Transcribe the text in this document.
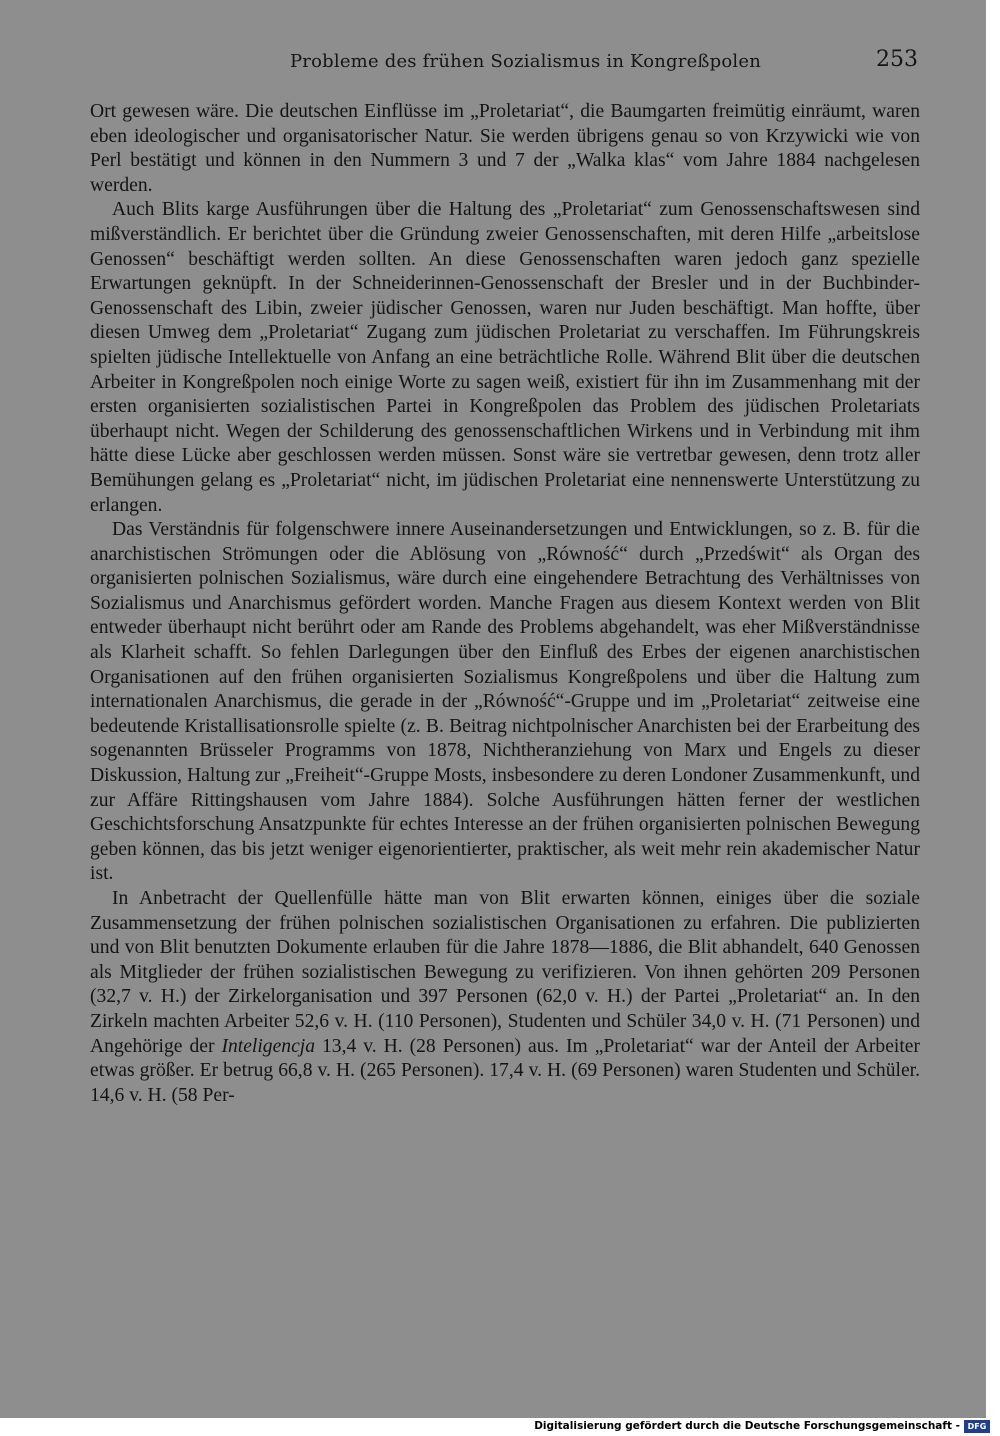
Probleme des frühen Sozialismus in Kongreßpolen	253

Ort gewesen wäre. Die deutschen Einflüsse im „Proletariat“, die Baumgarten freimütig einräumt, waren eben ideologischer und organisatorischer Natur. Sie werden übrigens genau so von Krzywicki wie von Perl bestätigt und können in den Nummern 3 und 7 der „Walka klas“ vom Jahre 1884 nachgelesen werden.

Auch Blits karge Ausführungen über die Haltung des „Proletariat“ zum Genossenschaftswesen sind mißverständlich. Er berichtet über die Gründung zweier Genossenschaften, mit deren Hilfe „arbeitslose Genossen“ beschäftigt werden sollten. An diese Genossenschaften waren jedoch ganz spezielle Erwartungen geknüpft. In der Schneiderinnen-Genossenschaft der Bresler und in der Buchbinder-Genossenschaft des Libin, zweier jüdischer Genossen, waren nur Juden beschäftigt. Man hoffte, über diesen Umweg dem „Proletariat“ Zugang zum jüdischen Proletariat zu verschaffen. Im Führungskreis spielten jüdische Intellektuelle von Anfang an eine beträchtliche Rolle. Während Blit über die deutschen Arbeiter in Kongreßpolen noch einige Worte zu sagen weiß, existiert für ihn im Zusammenhang mit der ersten organisierten sozialistischen Partei in Kongreßpolen das Problem des jüdischen Proletariats überhaupt nicht. Wegen der Schilderung des genossenschaftlichen Wirkens und in Verbindung mit ihm hätte diese Lücke aber geschlossen werden müssen. Sonst wäre sie vertretbar gewesen, denn trotz aller Bemühungen gelang es „Proletariat“ nicht, im jüdischen Proletariat eine nennenswerte Unterstützung zu erlangen.

Das Verständnis für folgenschwere innere Auseinandersetzungen und Entwicklungen, so z. B. für die anarchistischen Strömungen oder die Ablösung von „Równość“ durch „Przedświt“ als Organ des organisierten polnischen Sozialismus, wäre durch eine eingehendere Betrachtung des Verhältnisses von Sozialismus und Anarchismus gefördert worden. Manche Fragen aus diesem Kontext werden von Blit entweder überhaupt nicht berührt oder am Rande des Problems abgehandelt, was eher Mißverständnisse als Klarheit schafft. So fehlen Darlegungen über den Einfluß des Erbes der eigenen anarchistischen Organisationen auf den frühen organisierten Sozialismus Kongreßpolens und über die Haltung zum internationalen Anarchismus, die gerade in der „Równość“-Gruppe und im „Proletariat“ zeitweise eine bedeutende Kristallisationsrolle spielte (z. B. Beitrag nichtpolnischer Anarchisten bei der Erarbeitung des sogenannten Brüsseler Programms von 1878, Nichtheranziehung von Marx und Engels zu dieser Diskussion, Haltung zur „Freiheit“-Gruppe Mosts, insbesondere zu deren Londoner Zusammenkunft, und zur Affäre Rittingshausen vom Jahre 1884). Solche Ausführungen hätten ferner der westlichen Geschichtsforschung Ansatzpunkte für echtes Interesse an der frühen organisierten polnischen Bewegung geben können, das bis jetzt weniger eigenorientierter, praktischer, als weit mehr rein akademischer Natur ist.

In Anbetracht der Quellenfülle hätte man von Blit erwarten können, einiges über die soziale Zusammensetzung der frühen polnischen sozialistischen Organisationen zu erfahren. Die publizierten und von Blit benutzten Dokumente erlauben für die Jahre 1878—1886, die Blit abhandelt, 640 Genossen als Mitglieder der frühen sozialistischen Bewegung zu verifizieren. Von ihnen gehörten 209 Personen (32,7 v. H.) der Zirkelorganisation und 397 Personen (62,0 v. H.) der Partei „Proletariat“ an. In den Zirkeln machten Arbeiter 52,6 v. H. (110 Personen), Studenten und Schüler 34,0 v. H. (71 Personen) und Angehörige der Inteligencja 13,4 v. H. (28 Personen) aus. Im „Proletariat“ war der Anteil der Arbeiter etwas größer. Er betrug 66,8 v. H. (265 Personen). 17,4 v. H. (69 Personen) waren Studenten und Schüler. 14,6 v. H. (58 Per-

Digitalisierung gefördert durch die Deutsche Forschungsgemeinschaft - DFG
